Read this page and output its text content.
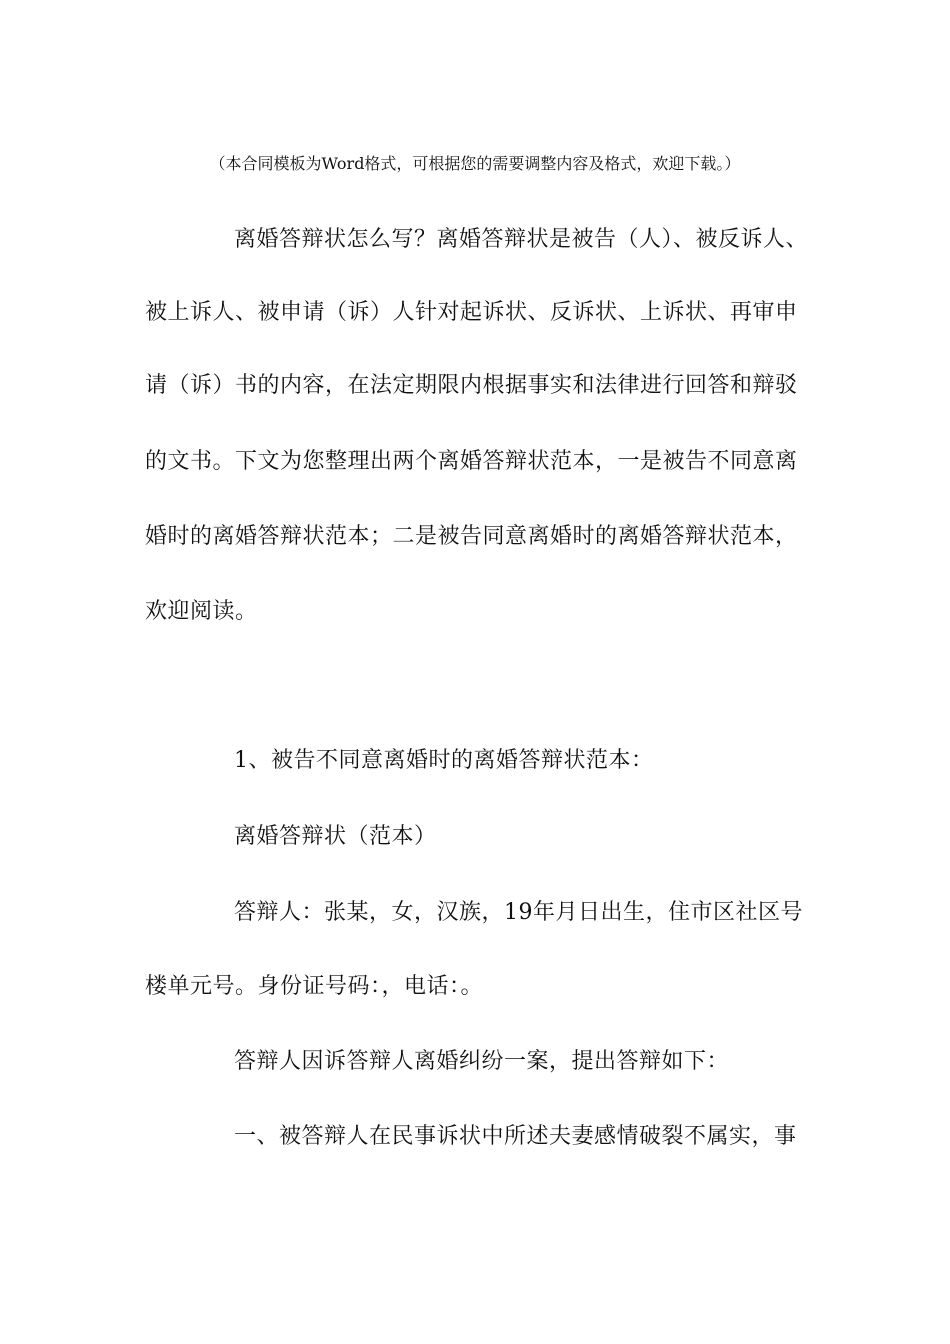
（本合同模板为Word格式，可根据您的需要调整内容及格式，欢迎下载。）
离婚答辩状怎么写？离婚答辩状是被告（人）、被反诉人、
被上诉人、被申请（诉）人针对起诉状、反诉状、上诉状、再审申
请（诉）书的内容，在法定期限内根据事实和法律进行回答和辩驳
的文书。下文为您整理出两个离婚答辩状范本，一是被告不同意离
婚时的离婚答辩状范本；二是被告同意离婚时的离婚答辩状范本，
欢迎阅读。
1、被告不同意离婚时的离婚答辩状范本：
离婚答辩状（范本）
答辩人：张某，女，汉族，19年月日出生，住市区社区号
楼单元号。身份证号码：，电话：。
答辩人因诉答辩人离婚纠纷一案，提出答辩如下：
一、被答辩人在民事诉状中所述夫妻感情破裂不属实，事
